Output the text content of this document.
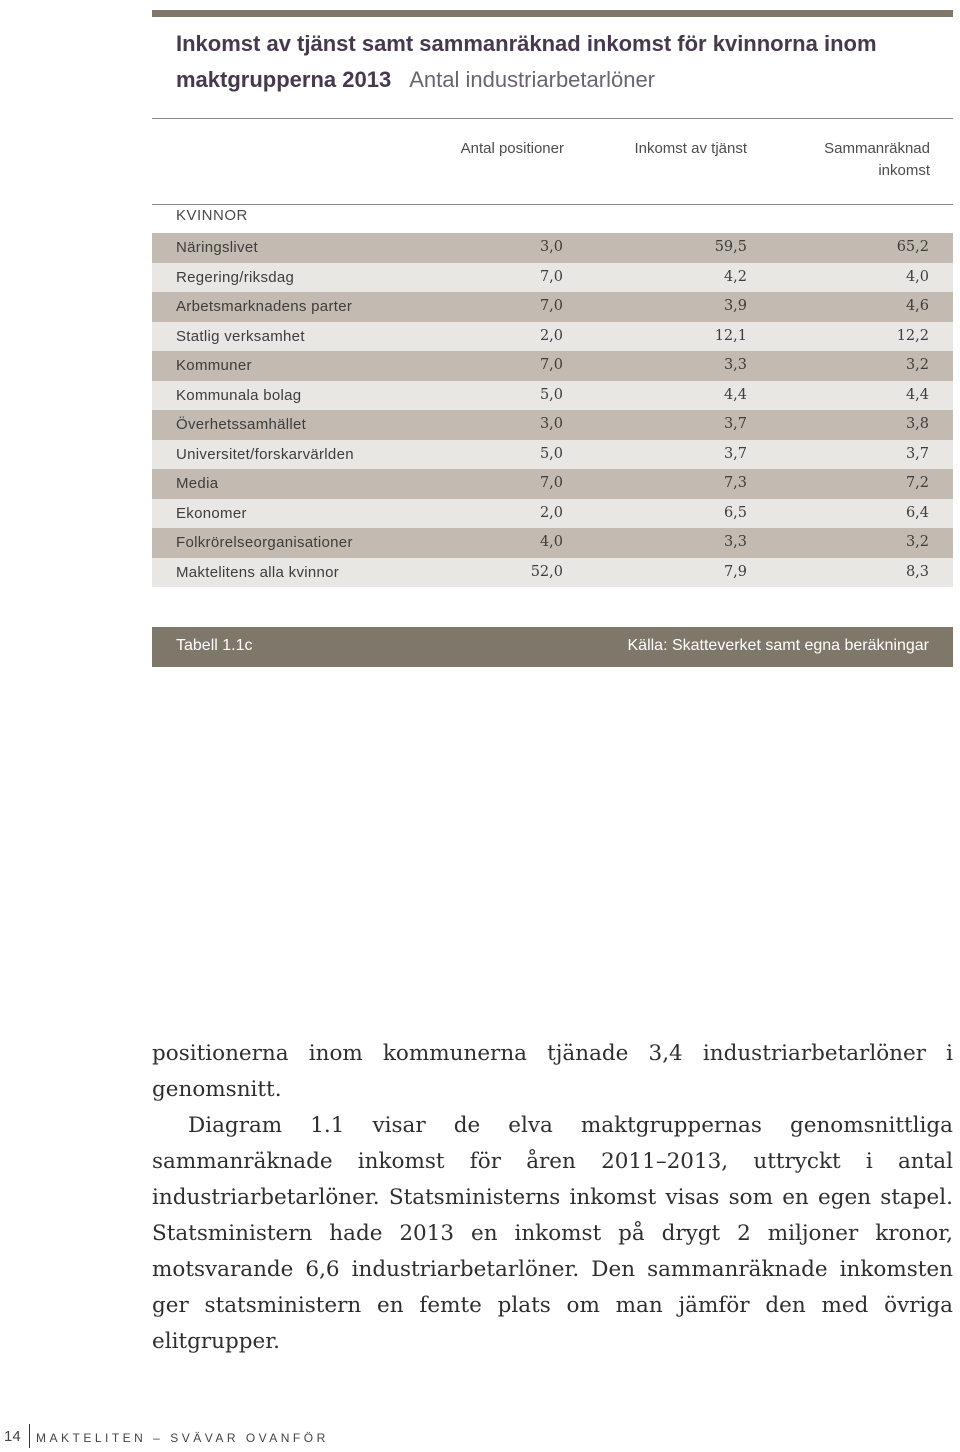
Inkomst av tjänst samt sammanräknad inkomst för kvinnorna inom maktgrupperna 2013 Antal industriarbetarlöner
Antal positioner	Inkomst av tjänst	Sammanräknad inkomst
KVINNOR
Näringslivet	3,0	59,5	65,2
Regering/riksdag	7,0	4,2	4,0
Arbetsmarknadens parter	7,0	3,9	4,6
Statlig verksamhet	2,0	12,1	12,2
Kommuner	7,0	3,3	3,2
Kommunala bolag	5,0	4,4	4,4
Överhetssamhället	3,0	3,7	3,8
Universitet/forskarvärlden	5,0	3,7	3,7
Media	7,0	7,3	7,2
Ekonomer	2,0	6,5	6,4
Folkrörelseorganisationer	4,0	3,3	3,2
Maktelitens alla kvinnor	52,0	7,9	8,3
Tabell 1.1c	Källa: Skatteverket samt egna beräkningar

positionerna inom kommunerna tjänade 3,4 industriarbetarlöner i genomsnitt.

Diagram 1.1 visar de elva maktgruppernas genomsnittliga sammanräknade inkomst för åren 2011–2013, uttryckt i antal industriarbetarlöner. Statsministerns inkomst visas som en egen stapel. Statsministern hade 2013 en inkomst på drygt 2 miljoner kronor, motsvarande 6,6 industriarbetarlöner. Den sammanräknade inkomsten ger statsministern en femte plats om man jämför den med övriga elitgrupper.

14 MAKTELITEN – SVÄVAR OVANFÖR
